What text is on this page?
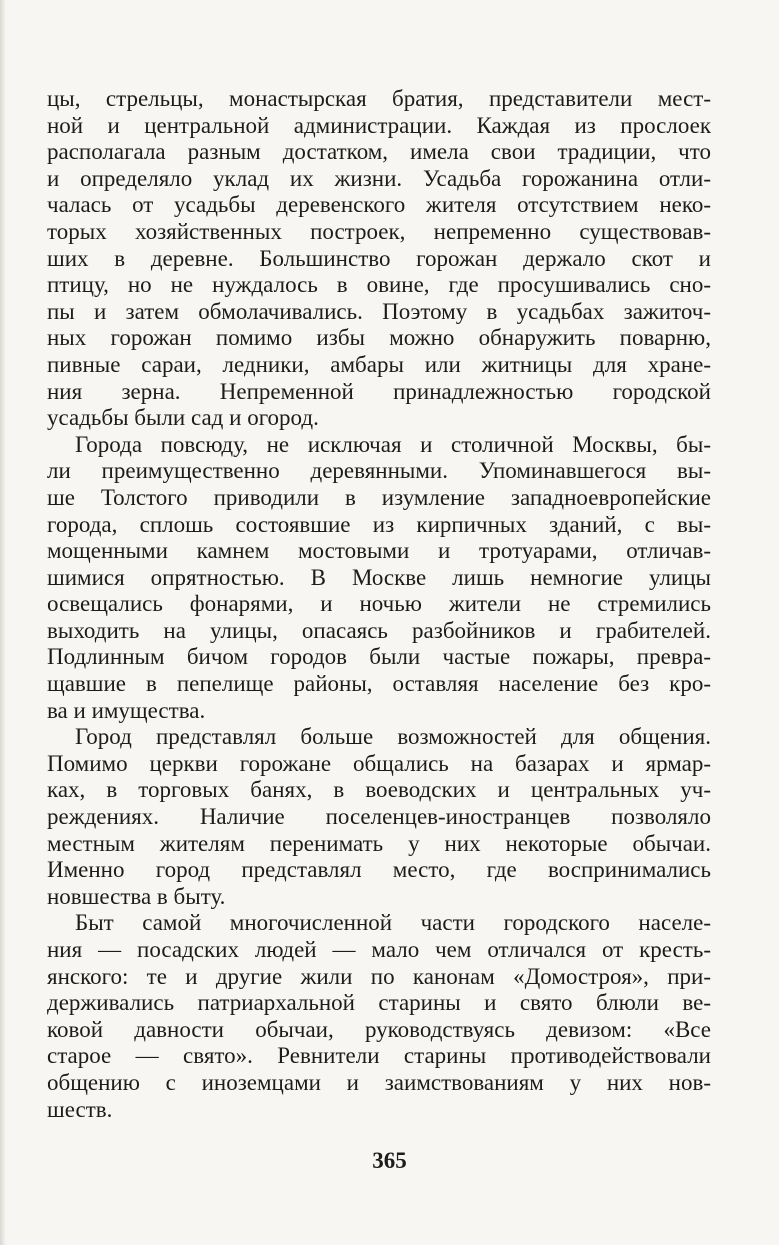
цы, стрельцы, монастырская братия, представители мест-
ной и центральной администрации. Каждая из прослоек
располагала разным достатком, имела свои традиции, что
и определяло уклад их жизни. Усадьба горожанина отли-
чалась от усадьбы деревенского жителя отсутствием неко-
торых хозяйственных построек, непременно существовав-
ших в деревне. Большинство горожан держало скот и
птицу, но не нуждалось в овине, где просушивались сно-
пы и затем обмолачивались. Поэтому в усадьбах зажиточ-
ных горожан помимо избы можно обнаружить поварню,
пивные сараи, ледники, амбары или житницы для хране-
ния зерна. Непременной принадлежностью городской
усадьбы были сад и огород.
Города повсюду, не исключая и столичной Москвы, бы-
ли преимущественно деревянными. Упоминавшегося вы-
ше Толстого приводили в изумление западноевропейские
города, сплошь состоявшие из кирпичных зданий, с вы-
мощенными камнем мостовыми и тротуарами, отличав-
шимися опрятностью. В Москве лишь немногие улицы
освещались фонарями, и ночью жители не стремились
выходить на улицы, опасаясь разбойников и грабителей.
Подлинным бичом городов были частые пожары, превра-
щавшие в пепелище районы, оставляя население без кро-
ва и имущества.
Город представлял больше возможностей для общения.
Помимо церкви горожане общались на базарах и ярмар-
ках, в торговых банях, в воеводских и центральных уч-
реждениях. Наличие поселенцев-иностранцев позволяло
местным жителям перенимать у них некоторые обычаи.
Именно город представлял место, где воспринимались
новшества в быту.
Быт самой многочисленной части городского населе-
ния — посадских людей — мало чем отличался от кресть-
янского: те и другие жили по канонам «Домостроя», при-
держивались патриархальной старины и свято блюли ве-
ковой давности обычаи, руководствуясь девизом: «Все
старое — свято». Ревнители старины противодействовали
общению с иноземцами и заимствованиям у них нов-
шеств.
365
